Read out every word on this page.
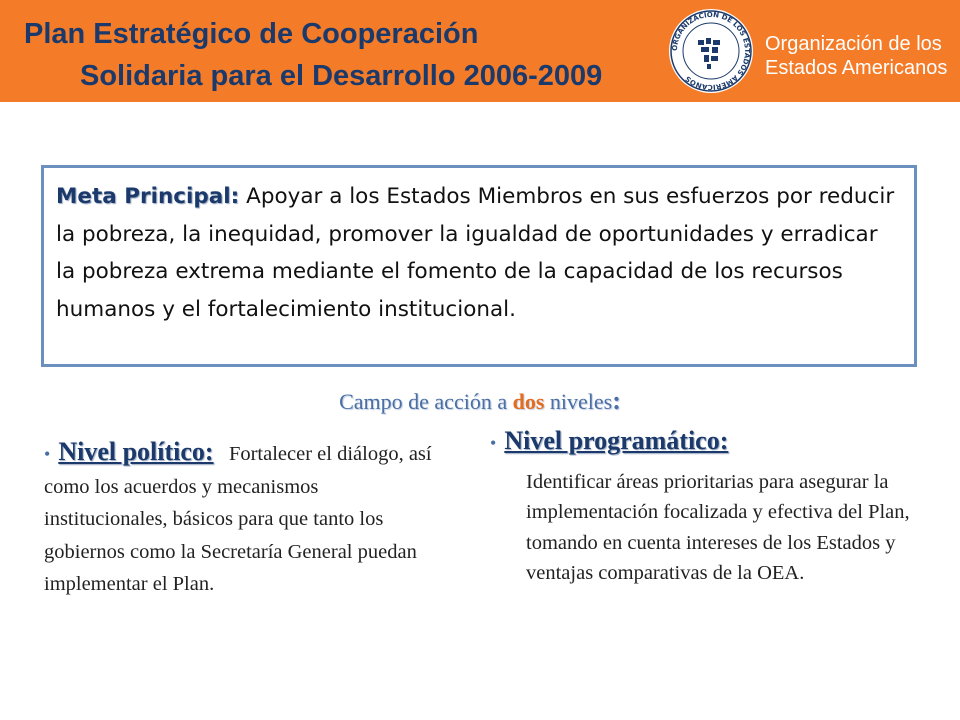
Plan Estratégico de Cooperación
Solidaria para el Desarrollo 2006-2009
ORGANIZACION DE LOS ESTADOS AMERICANOS
Organización de los
Estados Americanos
Meta Principal: Apoyar a los Estados Miembros en sus esfuerzos por reducir la pobreza, la inequidad, promover la igualdad de oportunidades y erradicar la pobreza extrema mediante el fomento de la capacidad de los recursos humanos y el fortalecimiento institucional.
Campo de acción a dos niveles:
• Nivel político: Fortalecer el diálogo, así como los acuerdos y mecanismos institucionales, básicos para que tanto los gobiernos como la Secretaría General puedan implementar el Plan.
• Nivel programático:
Identificar áreas prioritarias para asegurar la implementación focalizada y efectiva del Plan, tomando en cuenta intereses de los Estados y ventajas comparativas de la OEA.
